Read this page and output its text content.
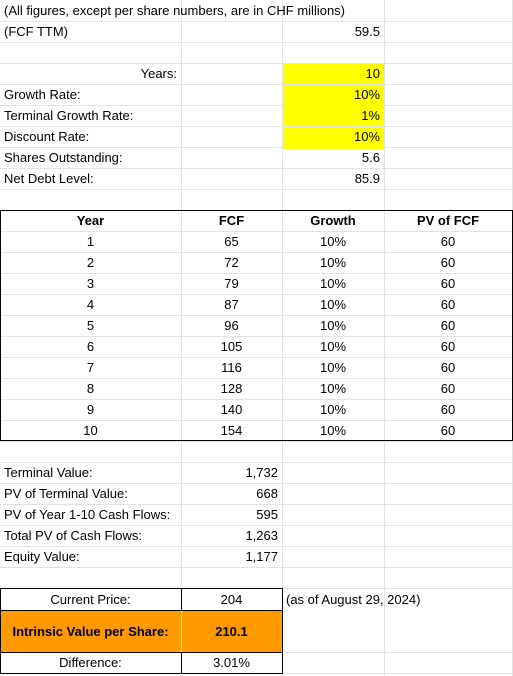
(All figures, except per share numbers, are in CHF millions)
(FCF TTM)	59.5
Years:	10
Growth Rate:	10%
Terminal Growth Rate:	1%
Discount Rate:	10%
Shares Outstanding:	5.6
Net Debt Level:	85.9
Year	FCF	Growth	PV of FCF
1	65	10%	60
2	72	10%	60
3	79	10%	60
4	87	10%	60
5	96	10%	60
6	105	10%	60
7	116	10%	60
8	128	10%	60
9	140	10%	60
10	154	10%	60
Terminal Value:	1,732
PV of Terminal Value:	668
PV of Year 1-10 Cash Flows:	595
Total PV of Cash Flows:	1,263
Equity Value:	1,177
Current Price:	204	(as of August 29, 2024)
Intrinsic Value per Share:	210.1
Difference:	3.01%
